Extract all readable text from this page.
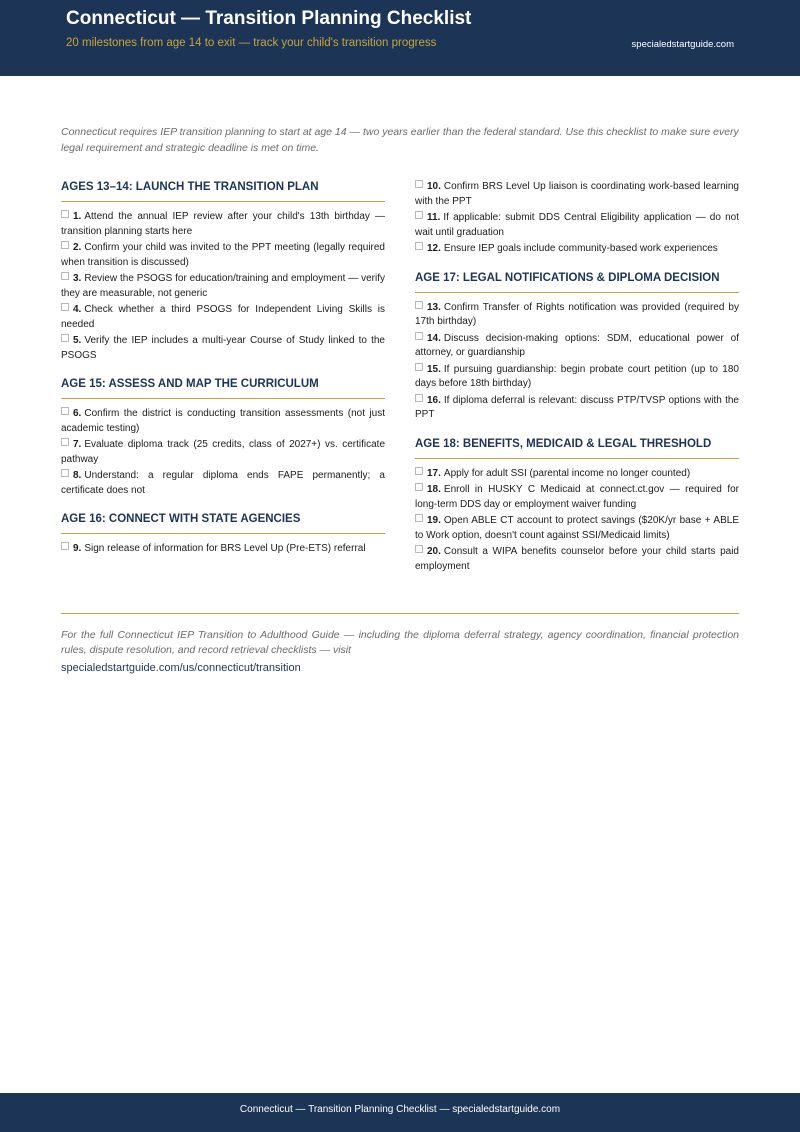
Connecticut — Transition Planning Checklist
20 milestones from age 14 to exit — track your child's transition progress	specialedstartguide.com
Connecticut requires IEP transition planning to start at age 14 — two years earlier than the federal standard. Use this checklist to make sure every legal requirement and strategic deadline is met on time.
AGES 13–14: LAUNCH THE TRANSITION PLAN
1. Attend the annual IEP review after your child's 13th birthday — transition planning starts here
2. Confirm your child was invited to the PPT meeting (legally required when transition is discussed)
3. Review the PSOGS for education/training and employment — verify they are measurable, not generic
4. Check whether a third PSOGS for Independent Living Skills is needed
5. Verify the IEP includes a multi-year Course of Study linked to the PSOGS
AGE 15: ASSESS AND MAP THE CURRICULUM
6. Confirm the district is conducting transition assessments (not just academic testing)
7. Evaluate diploma track (25 credits, class of 2027+) vs. certificate pathway
8. Understand: a regular diploma ends FAPE permanently; a certificate does not
AGE 16: CONNECT WITH STATE AGENCIES
9. Sign release of information for BRS Level Up (Pre-ETS) referral
10. Confirm BRS Level Up liaison is coordinating work-based learning with the PPT
11. If applicable: submit DDS Central Eligibility application — do not wait until graduation
12. Ensure IEP goals include community-based work experiences
AGE 17: LEGAL NOTIFICATIONS & DIPLOMA DECISION
13. Confirm Transfer of Rights notification was provided (required by 17th birthday)
14. Discuss decision-making options: SDM, educational power of attorney, or guardianship
15. If pursuing guardianship: begin probate court petition (up to 180 days before 18th birthday)
16. If diploma deferral is relevant: discuss PTP/TVSP options with the PPT
AGE 18: BENEFITS, MEDICAID & LEGAL THRESHOLD
17. Apply for adult SSI (parental income no longer counted)
18. Enroll in HUSKY C Medicaid at connect.ct.gov — required for long-term DDS day or employment waiver funding
19. Open ABLE CT account to protect savings ($20K/yr base + ABLE to Work option, doesn't count against SSI/Medicaid limits)
20. Consult a WIPA benefits counselor before your child starts paid employment
For the full Connecticut IEP Transition to Adulthood Guide — including the diploma deferral strategy, agency coordination, financial protection rules, dispute resolution, and record retrieval checklists — visit
specialedstartguide.com/us/connecticut/transition
Connecticut — Transition Planning Checklist — specialedstartguide.com
